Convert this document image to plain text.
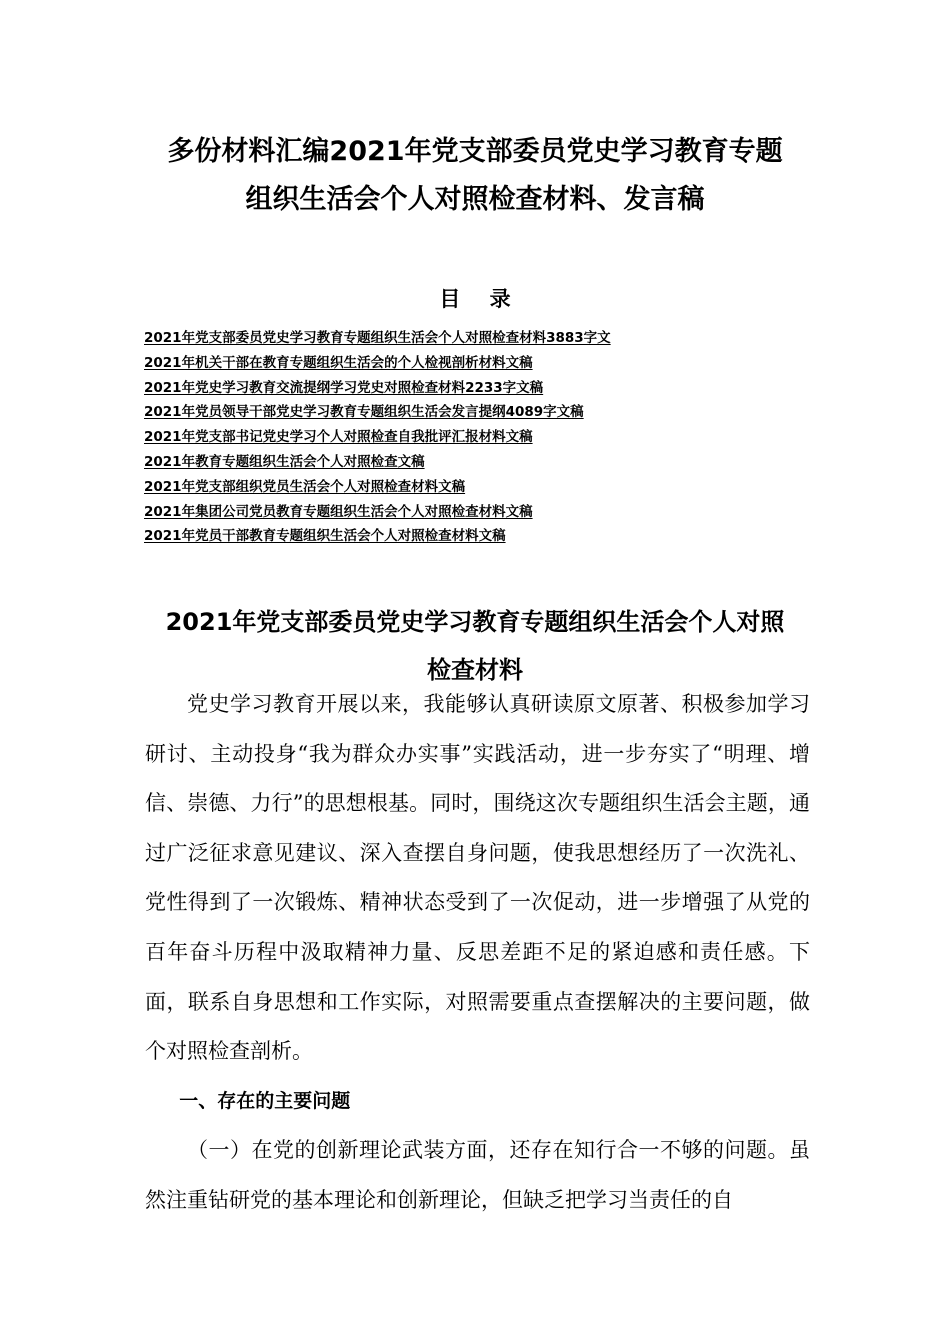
多份材料汇编2021年党支部委员党史学习教育专题
组织生活会个人对照检查材料、发言稿
目    录
2021年党支部委员党史学习教育专题组织生活会个人对照检查材料3883字文
2021年机关干部在教育专题组织生活会的个人检视剖析材料文稿
2021年党史学习教育交流提纲学习党史对照检查材料2233字文稿
2021年党员领导干部党史学习教育专题组织生活会发言提纲4089字文稿
2021年党支部书记党史学习个人对照检查自我批评汇报材料文稿
2021年教育专题组织生活会个人对照检查文稿
2021年党支部组织党员生活会个人对照检查材料文稿
2021年集团公司党员教育专题组织生活会个人对照检查材料文稿
2021年党员干部教育专题组织生活会个人对照检查材料文稿
2021年党支部委员党史学习教育专题组织生活会个人对照
检查材料

党史学习教育开展以来，我能够认真研读原文原著、积极参加学习研讨、主动投身“我为群众办实事”实践活动，进一步夯实了“明理、增信、崇德、力行”的思想根基。同时，围绕这次专题组织生活会主题，通过广泛征求意见建议、深入查摆自身问题，使我思想经历了一次洗礼、党性得到了一次锻炼、精神状态受到了一次促动，进一步增强了从党的百年奋斗历程中汲取精神力量、反思差距不足的紧迫感和责任感。下面，联系自身思想和工作实际，对照需要重点查摆解决的主要问题，做个对照检查剖析。

一、存在的主要问题

（一）在党的创新理论武装方面，还存在知行合一不够的问题。虽然注重钻研党的基本理论和创新理论，但缺乏把学习当责任的自
